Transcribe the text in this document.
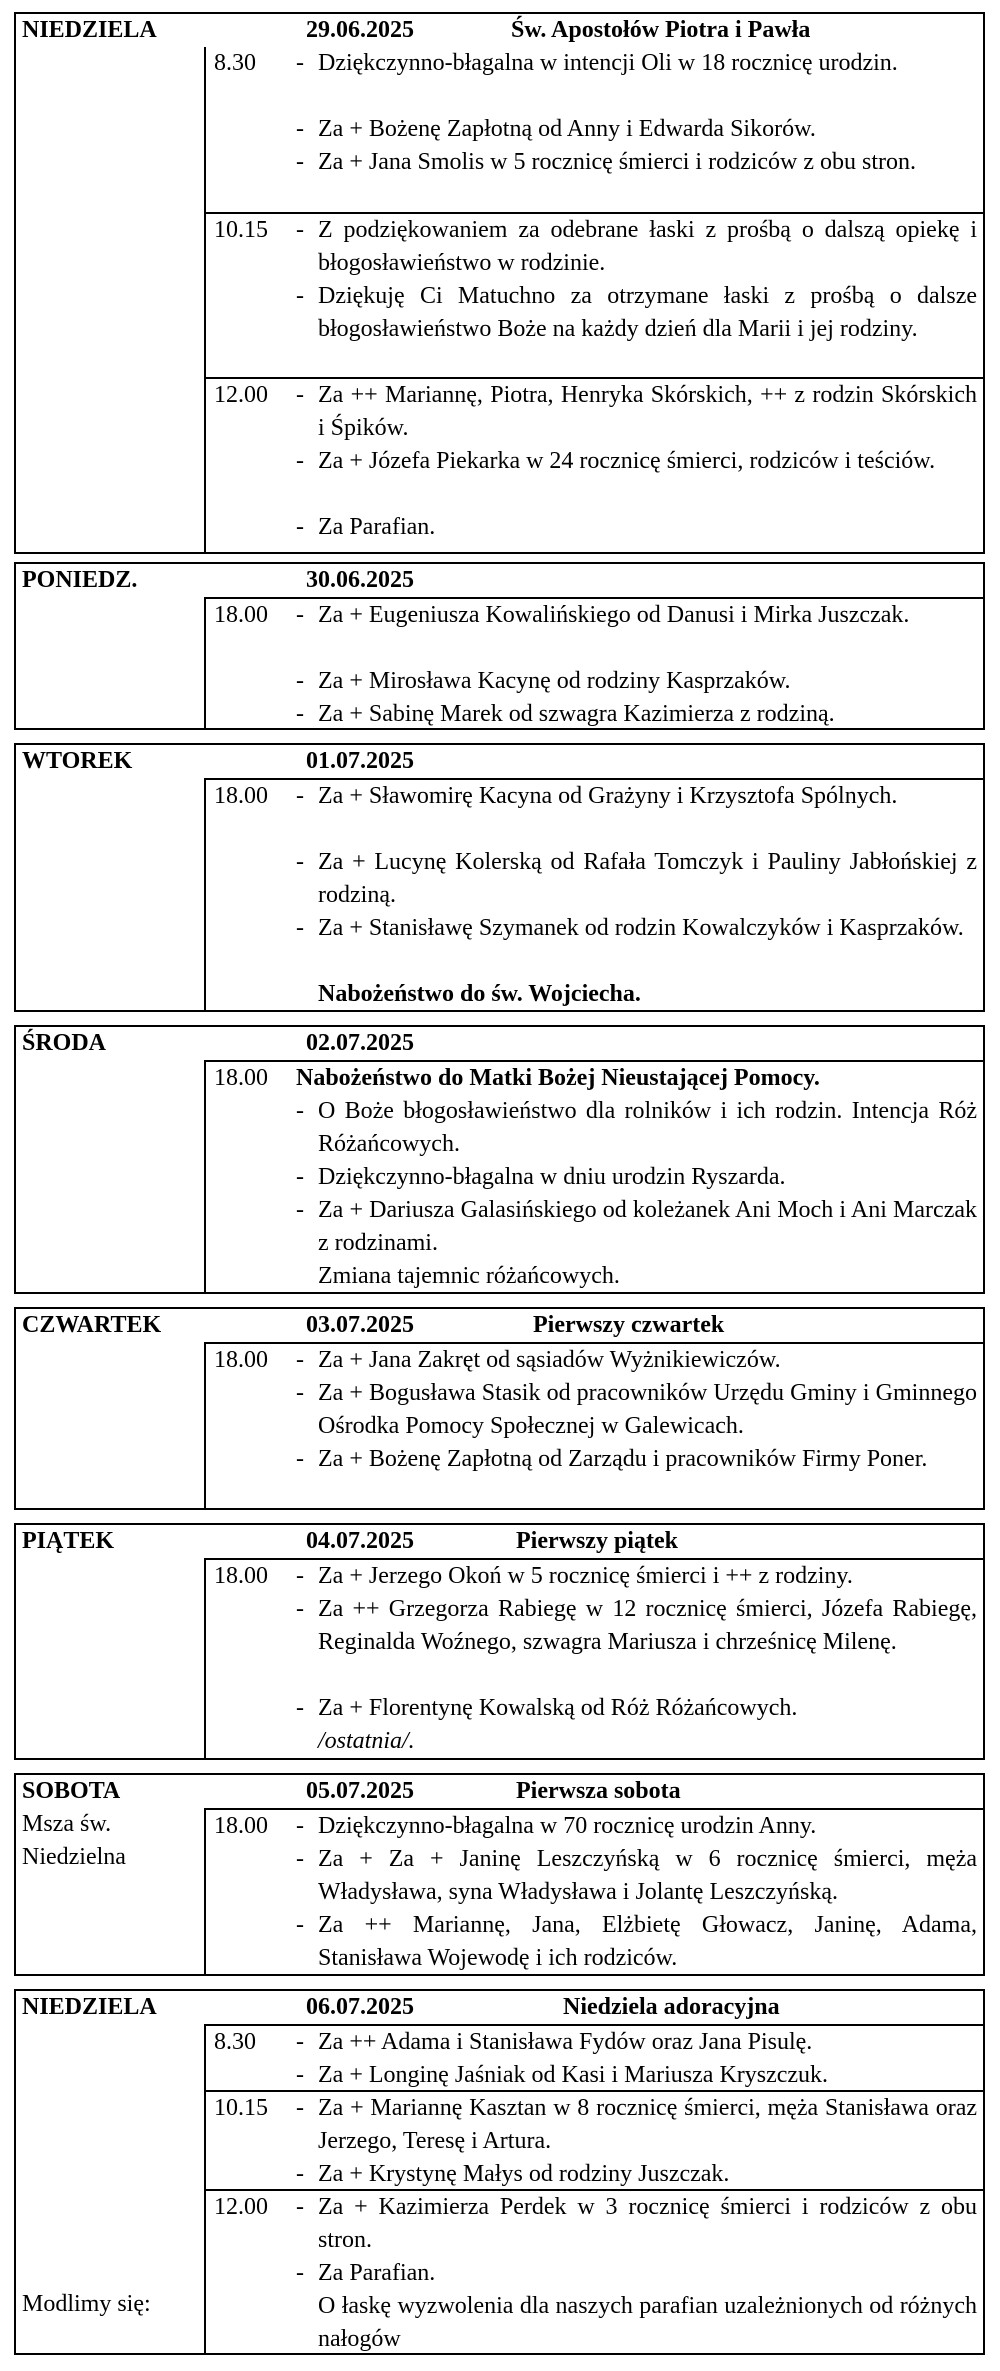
NIEDZIELA	29.06.2025	Św. Apostołów Piotra i Pawła
8.30 - Dziękczynno-błagalna w intencji Oli w 18 rocznicę urodzin.
- Za + Bożenę Zapłotną od Anny i Edwarda Sikorów.
- Za + Jana Smolis w 5 rocznicę śmierci i rodziców z obu stron.
10.15 - Z podziękowaniem za odebrane łaski z prośbą o dalszą opiekę i błogosławieństwo w rodzinie.
- Dziękuję Ci Matuchno za otrzymane łaski z prośbą o dalsze błogosławieństwo Boże na każdy dzień dla Marii i jej rodziny.
12.00 - Za ++ Mariannę, Piotra, Henryka Skórskich, ++ z rodzin Skórskich i Śpików.
- Za + Józefa Piekarka w 24 rocznicę śmierci, rodziców i teściów.
- Za Parafian.
PONIEDZ.	30.06.2025
18.00 - Za + Eugeniusza Kowalińskiego od Danusi i Mirka Juszczak.
- Za + Mirosława Kacynę od rodziny Kasprzaków.
- Za + Sabinę Marek od szwagra Kazimierza z rodziną.
WTOREK	01.07.2025
18.00 - Za + Sławomirę Kacyna od Grażyny i Krzysztofa Spólnych.
- Za + Lucynę Kolerską od Rafała Tomczyk i Pauliny Jabłońskiej z rodziną.
- Za + Stanisławę Szymanek od rodzin Kowalczyków i Kasprzaków.
Nabożeństwo do św. Wojciecha.
ŚRODA	02.07.2025
18.00 Nabożeństwo do Matki Bożej Nieustającej Pomocy.
- O Boże błogosławieństwo dla rolników i ich rodzin. Intencja Róż Różańcowych.
- Dziękczynno-błagalna w dniu urodzin Ryszarda.
- Za + Dariusza Galasińskiego od koleżanek Ani Moch i Ani Marczak z rodzinami.
Zmiana tajemnic różańcowych.
CZWARTEK	03.07.2025	Pierwszy czwartek
18.00 - Za + Jana Zakręt od sąsiadów Wyżnikiewiczów.
- Za + Bogusława Stasik od pracowników Urzędu Gminy i Gminnego Ośrodka Pomocy Społecznej w Galewicach.
- Za + Bożenę Zapłotną od Zarządu i pracowników Firmy Poner.
PIĄTEK	04.07.2025	Pierwszy piątek
18.00 - Za + Jerzego Okoń w 5 rocznicę śmierci i ++ z rodziny.
- Za ++ Grzegorza Rabiegę w 12 rocznicę śmierci, Józefa Rabiegę, Reginalda Woźnego, szwagra Mariusza i chrześnicę Milenę.
- Za + Florentynę Kowalską od Róż Różańcowych.
/ostatnia/.
SOBOTA	05.07.2025	Pierwsza sobota
Msza św.
Niedzielna
18.00 - Dziękczynno-błagalna w 70 rocznicę urodzin Anny.
- Za + Za + Janinę Leszczyńską w 6 rocznicę śmierci, męża Władysława, syna Władysława i Jolantę Leszczyńską.
- Za ++ Mariannę, Jana, Elżbietę Głowacz, Janinę, Adama, Stanisława Wojewodę i ich rodziców.
NIEDZIELA	06.07.2025	Niedziela adoracyjna
Modlimy się:
8.30 - Za ++ Adama i Stanisława Fydów oraz Jana Pisulę.
- Za + Longinę Jaśniak od Kasi i Mariusza Kryszczuk.
10.15 - Za + Mariannę Kasztan w 8 rocznicę śmierci, męża Stanisława oraz Jerzego, Teresę i Artura.
- Za + Krystynę Małys od rodziny Juszczak.
12.00 - Za + Kazimierza Perdek w 3 rocznicę śmierci i rodziców z obu stron.
- Za Parafian.
O łaskę wyzwolenia dla naszych parafian uzależnionych od różnych nałogów
